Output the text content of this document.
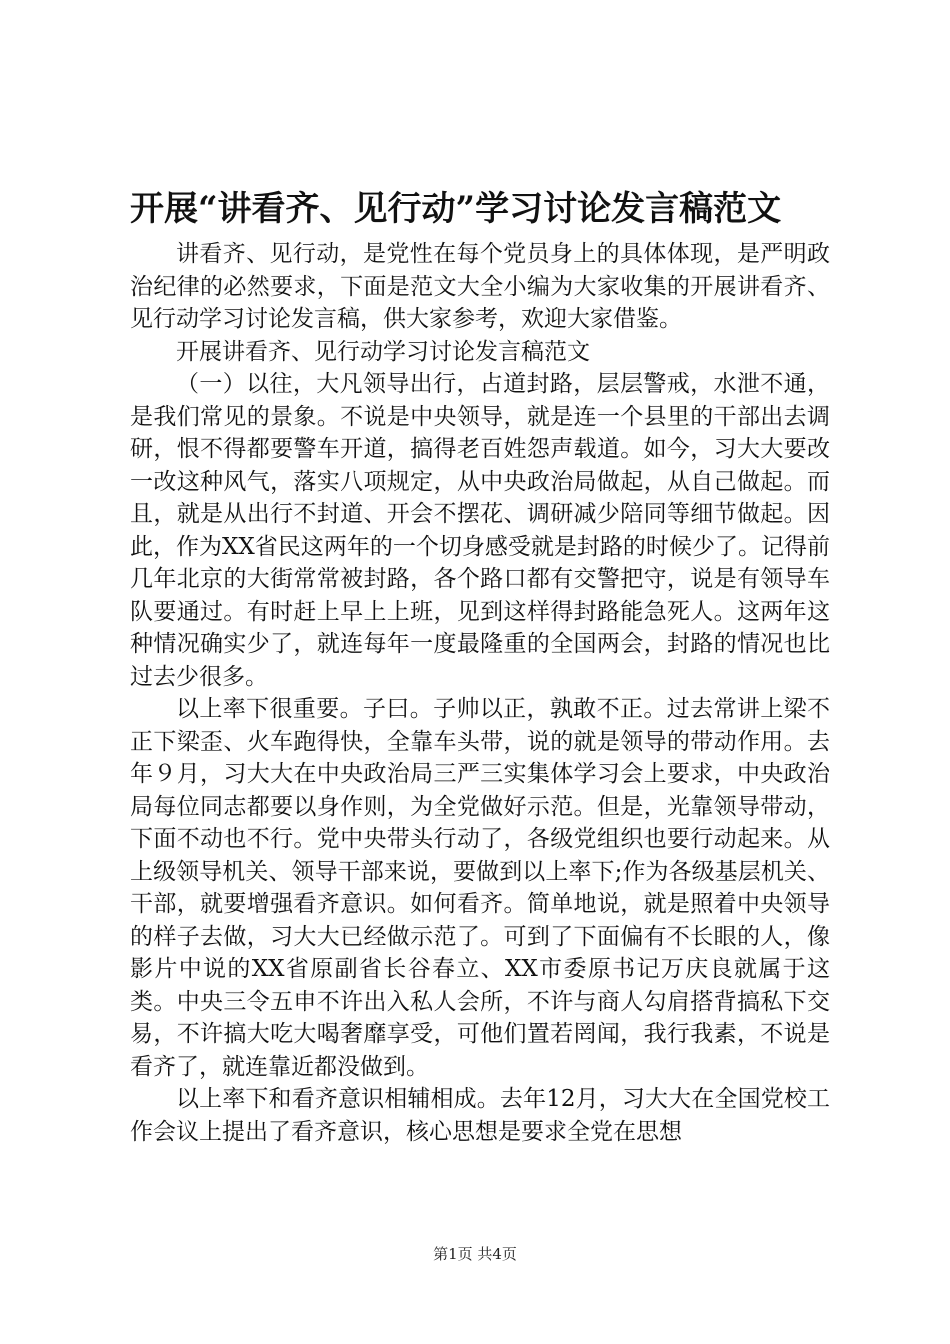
开展“讲看齐、见行动”学习讨论发言稿范文

讲看齐、见行动，是党性在每个党员身上的具体体现，是严明政治纪律的必然要求，下面是范文大全小编为大家收集的开展讲看齐、见行动学习讨论发言稿，供大家参考，欢迎大家借鉴。

开展讲看齐、见行动学习讨论发言稿范文

（一）以往，大凡领导出行，占道封路，层层警戒，水泄不通，是我们常见的景象。不说是中央领导，就是连一个县里的干部出去调研，恨不得都要警车开道，搞得老百姓怨声载道。如今，习大大要改一改这种风气，落实八项规定，从中央政治局做起，从自己做起。而且，就是从出行不封道、开会不摆花、调研减少陪同等细节做起。因此，作为XX省民这两年的一个切身感受就是封路的时候少了。记得前几年北京的大街常常被封路，各个路口都有交警把守，说是有领导车队要通过。有时赶上早上上班，见到这样得封路能急死人。这两年这种情况确实少了，就连每年一度最隆重的全国两会，封路的情况也比过去少很多。

以上率下很重要。子曰。子帅以正，孰敢不正。过去常讲上梁不正下梁歪、火车跑得快，全靠车头带，说的就是领导的带动作用。去年９月，习大大在中央政治局三严三实集体学习会上要求，中央政治局每位同志都要以身作则，为全党做好示范。但是，光靠领导带动，下面不动也不行。党中央带头行动了，各级党组织也要行动起来。从上级领导机关、领导干部来说，要做到以上率下;作为各级基层机关、干部，就要增强看齐意识。如何看齐。简单地说，就是照着中央领导的样子去做，习大大已经做示范了。可到了下面偏有不长眼的人，像影片中说的XX省原副省长谷春立、XX市委原书记万庆良就属于这类。中央三令五申不许出入私人会所，不许与商人勾肩搭背搞私下交易，不许搞大吃大喝奢靡享受，可他们置若罔闻，我行我素，不说是看齐了，就连靠近都没做到。

以上率下和看齐意识相辅相成。去年12月，习大大在全国党校工作会议上提出了看齐意识，核心思想是要求全党在思想

第1页 共4页
